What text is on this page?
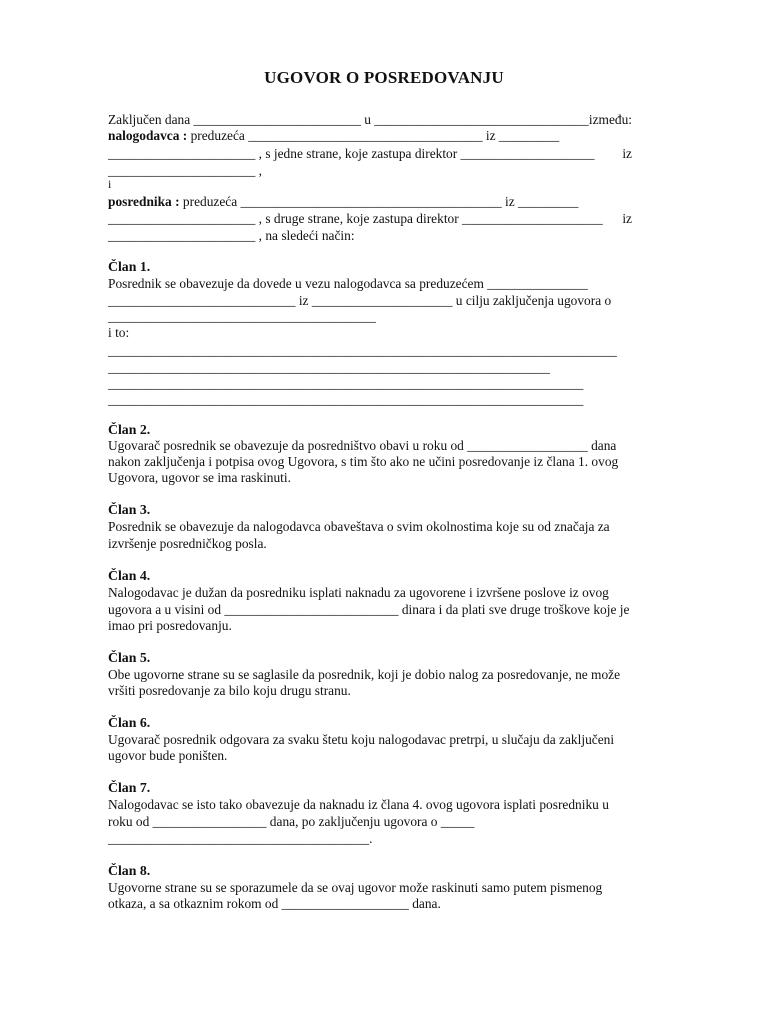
UGOVOR O POSREDOVANJU
Zaključen dana _________________________ u ________________________________ između:
nalogodavca : preduzeća ___________________________________ iz _________
______________________ , s jedne strane, koje zastupa direktor ____________________ iz
______________________ ,
i
posrednika : preduzeća _______________________________________ iz _________
______________________ , s druge strane, koje zastupa direktor _____________________ iz
______________________ , na sledeći način:
Član 1.
Posrednik se obavezuje da dovede u vezu nalogodavca sa preduzećem _______________
____________________________ iz _____________________ u cilju zaključenja ugovora o
________________________________________
i to:
____________________________________________________________________________
__________________________________________________________________
_______________________________________________________________________
_______________________________________________________________________
Član 2.
Ugovarač posrednik se obavezuje da posredništvo obavi u roku od __________________ dana
nakon zaključenja i potpisa ovog Ugovora, s tim što ako ne učini posredovanje iz člana 1. ovog
Ugovora, ugovor se ima raskinuti.
Član 3.
Posrednik se obavezuje da nalogodavca obaveštava o svim okolnostima koje su od značaja za
izvršenje posredničkog posla.
Član 4.
Nalogodavac je dužan da posredniku isplati naknadu za ugovorene i izvršene poslove iz ovog
ugovora a u visini od __________________________ dinara i da plati sve druge troškove koje je
imao pri posredovanju.
Član 5.
Obe ugovorne strane su se saglasile da posrednik, koji je dobio nalog za posredovanje, ne može
vršiti posredovanje za bilo koju drugu stranu.
Član 6.
Ugovarač posrednik odgovara za svaku štetu koju nalogodavac pretrpi, u slučaju da zaključeni
ugovor bude poništen.
Član 7.
Nalogodavac se isto tako obavezuje da naknadu iz člana 4. ovog ugovora isplati posredniku u
roku od _________________ dana, po zaključenju ugovora o _____
_______________________________________.
Član 8.
Ugovorne strane su se sporazumele da se ovaj ugovor može raskinuti samo putem pismenog
otkaza, a sa otkaznim rokom od ___________________ dana.
